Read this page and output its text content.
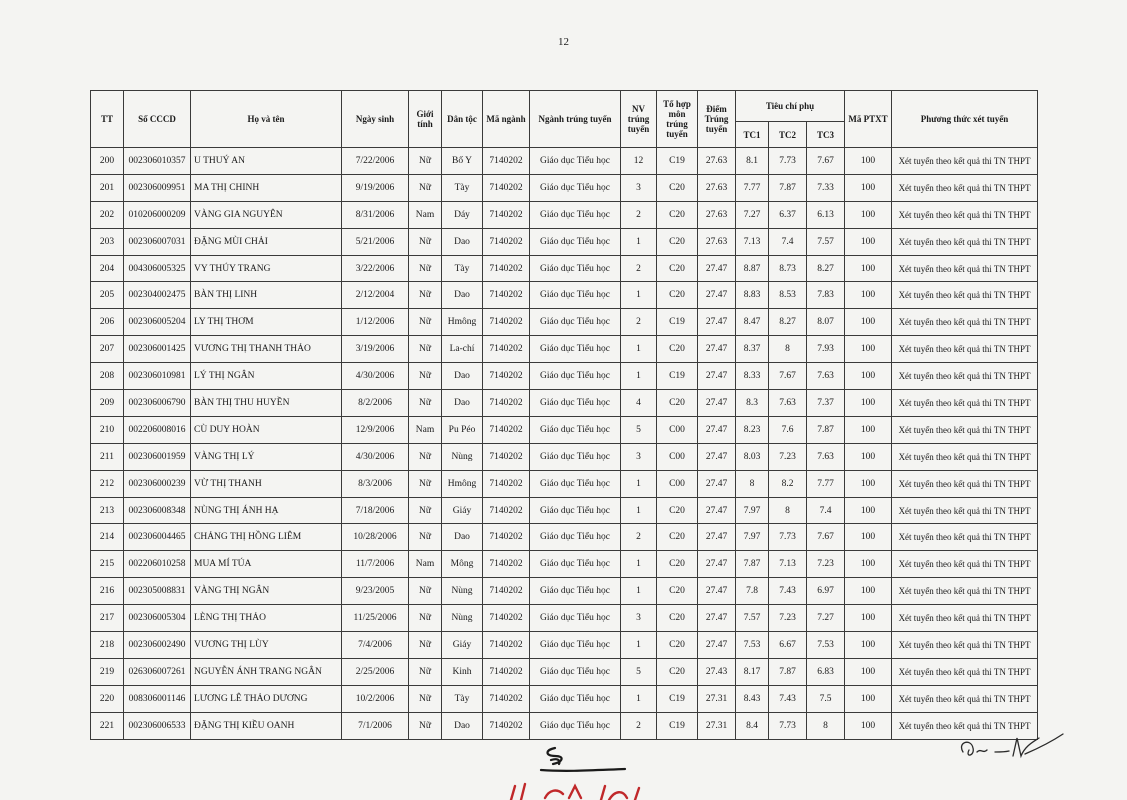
12
TT	Số CCCD	Họ và tên	Ngày sinh	Giới tính	Dân tộc	Mã ngành	Ngành trúng tuyển	NV trúng tuyển	Tổ hợp môn trúng tuyển	Điểm Trúng tuyển	Tiêu chí phụ			Mã PTXT	Phương thức xét tuyển
											TC1	TC2	TC3		
200	002306010357	U THUÝ AN	7/22/2006	Nữ	Bố Y	7140202	Giáo dục Tiểu học	12	C19	27.63	8.1	7.73	7.67	100	Xét tuyển theo kết quả thi TN THPT
201	002306009951	MA THỊ CHINH	9/19/2006	Nữ	Tày	7140202	Giáo dục Tiểu học	3	C20	27.63	7.77	7.87	7.33	100	Xét tuyển theo kết quả thi TN THPT
202	010206000209	VÀNG GIA NGUYÊN	8/31/2006	Nam	Dáy	7140202	Giáo dục Tiểu học	2	C20	27.63	7.27	6.37	6.13	100	Xét tuyển theo kết quả thi TN THPT
203	002306007031	ĐẶNG MÙI CHẢI	5/21/2006	Nữ	Dao	7140202	Giáo dục Tiểu học	1	C20	27.63	7.13	7.4	7.57	100	Xét tuyển theo kết quả thi TN THPT
204	004306005325	VY THÚY TRANG	3/22/2006	Nữ	Tày	7140202	Giáo dục Tiểu học	2	C20	27.47	8.87	8.73	8.27	100	Xét tuyển theo kết quả thi TN THPT
205	002304002475	BÀN THỊ LINH	2/12/2004	Nữ	Dao	7140202	Giáo dục Tiểu học	1	C20	27.47	8.83	8.53	7.83	100	Xét tuyển theo kết quả thi TN THPT
206	002306005204	LY THỊ THƠM	1/12/2006	Nữ	Hmông	7140202	Giáo dục Tiểu học	2	C19	27.47	8.47	8.27	8.07	100	Xét tuyển theo kết quả thi TN THPT
207	002306001425	VƯƠNG THỊ THANH THẢO	3/19/2006	Nữ	La-chí	7140202	Giáo dục Tiểu học	1	C20	27.47	8.37	8	7.93	100	Xét tuyển theo kết quả thi TN THPT
208	002306010981	LÝ THỊ NGÂN	4/30/2006	Nữ	Dao	7140202	Giáo dục Tiểu học	1	C19	27.47	8.33	7.67	7.63	100	Xét tuyển theo kết quả thi TN THPT
209	002306006790	BÀN THỊ THU HUYỀN	8/2/2006	Nữ	Dao	7140202	Giáo dục Tiểu học	4	C20	27.47	8.3	7.63	7.37	100	Xét tuyển theo kết quả thi TN THPT
210	002206008016	CÙ DUY HOÀN	12/9/2006	Nam	Pu Péo	7140202	Giáo dục Tiểu học	5	C00	27.47	8.23	7.6	7.87	100	Xét tuyển theo kết quả thi TN THPT
211	002306001959	VÀNG THỊ LÝ	4/30/2006	Nữ	Nùng	7140202	Giáo dục Tiểu học	3	C00	27.47	8.03	7.23	7.63	100	Xét tuyển theo kết quả thi TN THPT
212	002306000239	VỪ THỊ THANH	8/3/2006	Nữ	Hmông	7140202	Giáo dục Tiểu học	1	C00	27.47	8	8.2	7.77	100	Xét tuyển theo kết quả thi TN THPT
213	002306008348	NÙNG THỊ ÁNH HẠ	7/18/2006	Nữ	Giáy	7140202	Giáo dục Tiểu học	1	C20	27.47	7.97	8	7.4	100	Xét tuyển theo kết quả thi TN THPT
214	002306004465	CHẢNG THỊ HỒNG LIÊM	10/28/2006	Nữ	Dao	7140202	Giáo dục Tiểu học	2	C20	27.47	7.97	7.73	7.67	100	Xét tuyển theo kết quả thi TN THPT
215	002206010258	MUA MÍ TÚA	11/7/2006	Nam	Mông	7140202	Giáo dục Tiểu học	1	C20	27.47	7.87	7.13	7.23	100	Xét tuyển theo kết quả thi TN THPT
216	002305008831	VÀNG THỊ NGÂN	9/23/2005	Nữ	Nùng	7140202	Giáo dục Tiểu học	1	C20	27.47	7.8	7.43	6.97	100	Xét tuyển theo kết quả thi TN THPT
217	002306005304	LÈNG THỊ THẢO	11/25/2006	Nữ	Nùng	7140202	Giáo dục Tiểu học	3	C20	27.47	7.57	7.23	7.27	100	Xét tuyển theo kết quả thi TN THPT
218	002306002490	VƯƠNG THỊ LÙY	7/4/2006	Nữ	Giáy	7140202	Giáo dục Tiểu học	1	C20	27.47	7.53	6.67	7.53	100	Xét tuyển theo kết quả thi TN THPT
219	026306007261	NGUYỄN ÁNH TRANG NGÂN	2/25/2006	Nữ	Kinh	7140202	Giáo dục Tiểu học	5	C20	27.43	8.17	7.87	6.83	100	Xét tuyển theo kết quả thi TN THPT
220	008306001146	LƯƠNG LÊ THẢO DƯƠNG	10/2/2006	Nữ	Tày	7140202	Giáo dục Tiểu học	1	C19	27.31	8.43	7.43	7.5	100	Xét tuyển theo kết quả thi TN THPT
221	002306006533	ĐẶNG THỊ KIỀU OANH	7/1/2006	Nữ	Dao	7140202	Giáo dục Tiểu học	2	C19	27.31	8.4	7.73	8	100	Xét tuyển theo kết quả thi TN THPT
